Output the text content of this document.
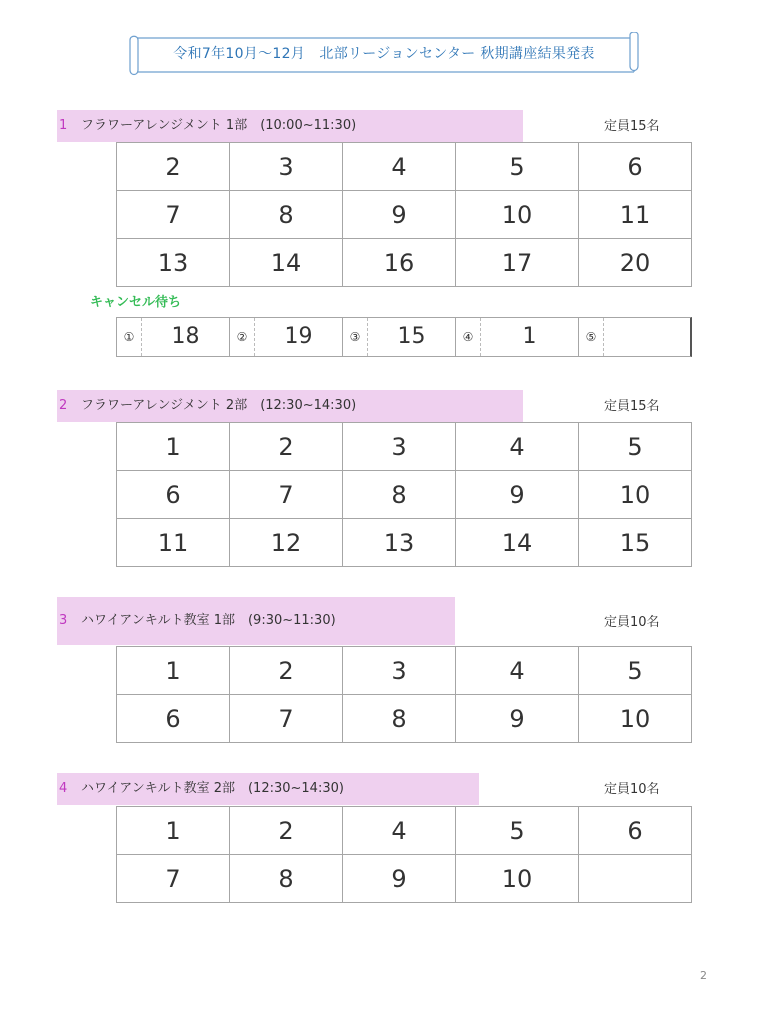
令和7年10月〜12月　北部リージョンセンター 秋期講座結果発表
1 フラワーアレンジメント 1部　(10:00~11:30)	定員15名
2	3	4	5	6
7	8	9	10	11
13	14	16	17	20
キャンセル待ち
①	18	②	19	③	15	④	1	⑤
2 フラワーアレンジメント 2部　(12:30~14:30)	定員15名
1	2	3	4	5
6	7	8	9	10
11	12	13	14	15
3 ハワイアンキルト教室 1部　(9:30~11:30)	定員10名
1	2	3	4	5
6	7	8	9	10
4 ハワイアンキルト教室 2部　(12:30~14:30)	定員10名
1	2	4	5	6
7	8	9	10	
2
